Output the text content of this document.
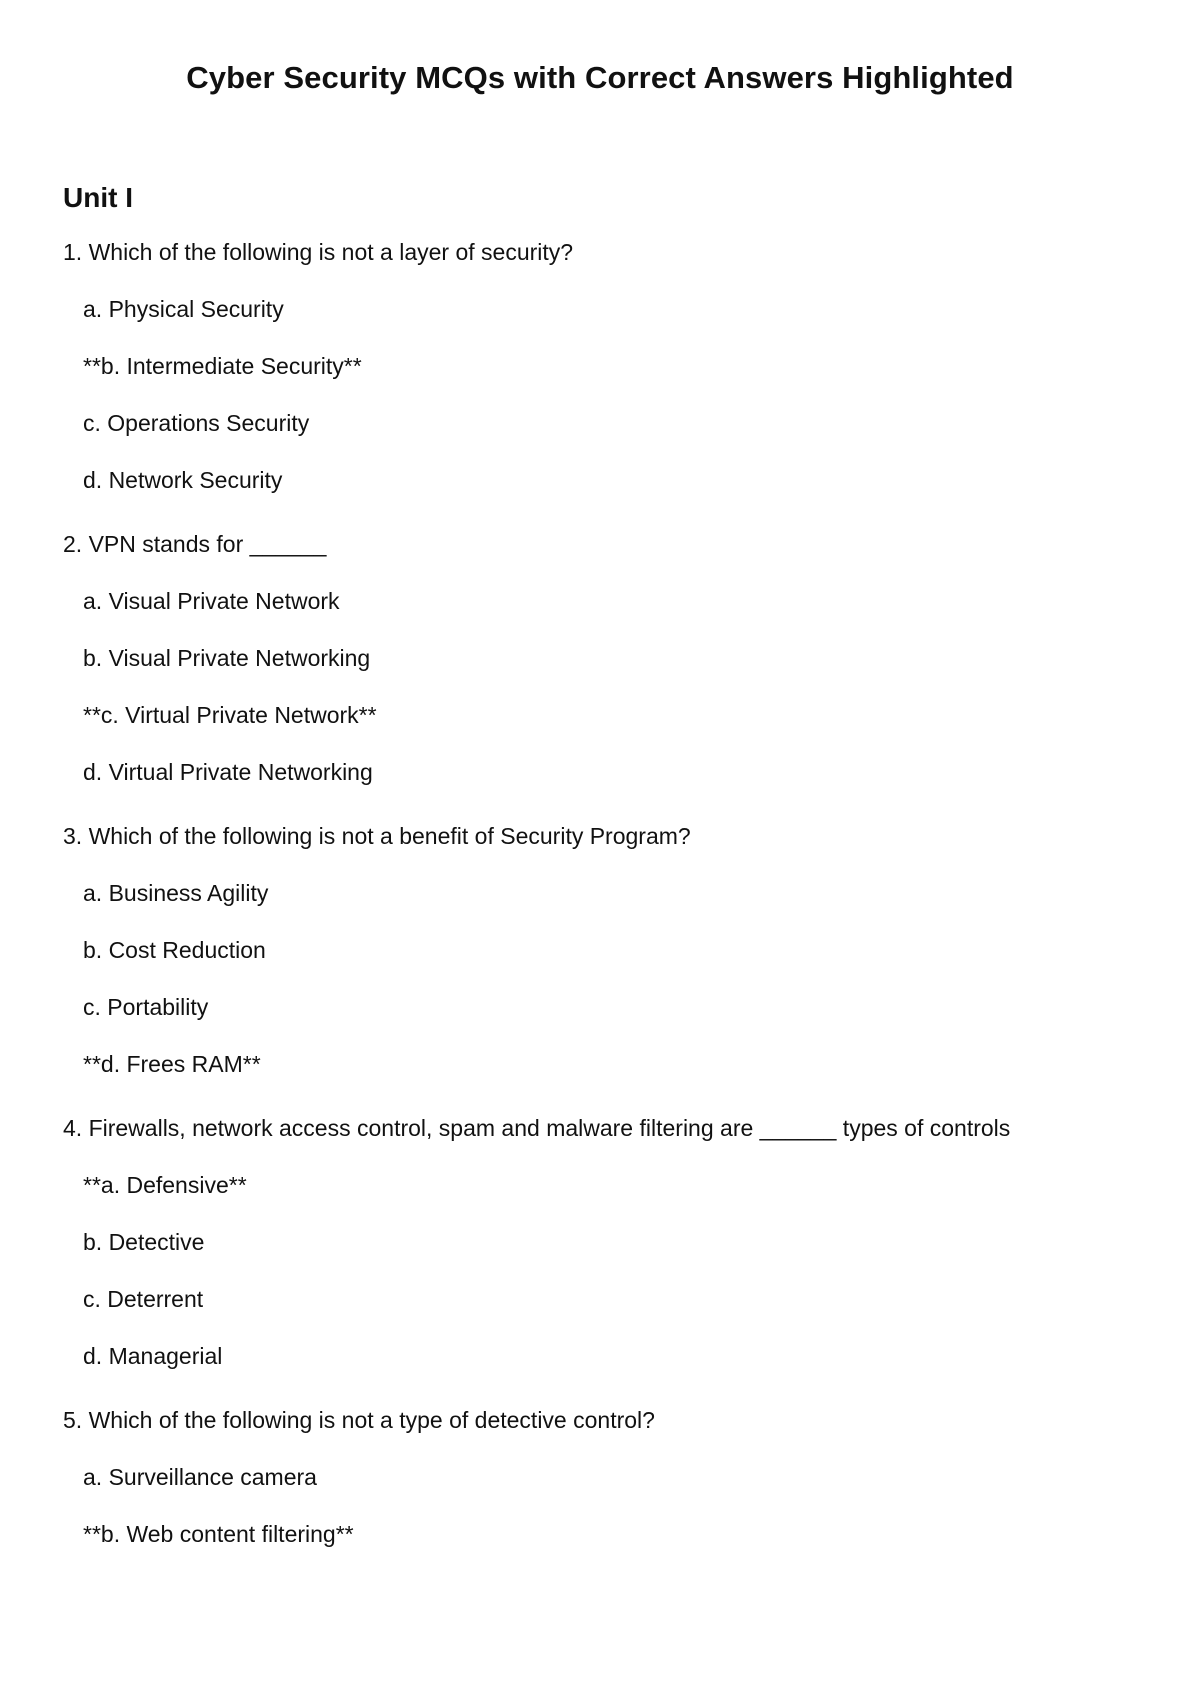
Cyber Security MCQs with Correct Answers Highlighted
Unit I
1. Which of the following is not a layer of security?
a. Physical Security
**b. Intermediate Security**
c. Operations Security
d. Network Security
2. VPN stands for ______
a. Visual Private Network
b. Visual Private Networking
**c. Virtual Private Network**
d. Virtual Private Networking
3. Which of the following is not a benefit of Security Program?
a. Business Agility
b. Cost Reduction
c. Portability
**d. Frees RAM**
4. Firewalls, network access control, spam and malware filtering are ______ types of controls
**a. Defensive**
b. Detective
c. Deterrent
d. Managerial
5. Which of the following is not a type of detective control?
a. Surveillance camera
**b. Web content filtering**
